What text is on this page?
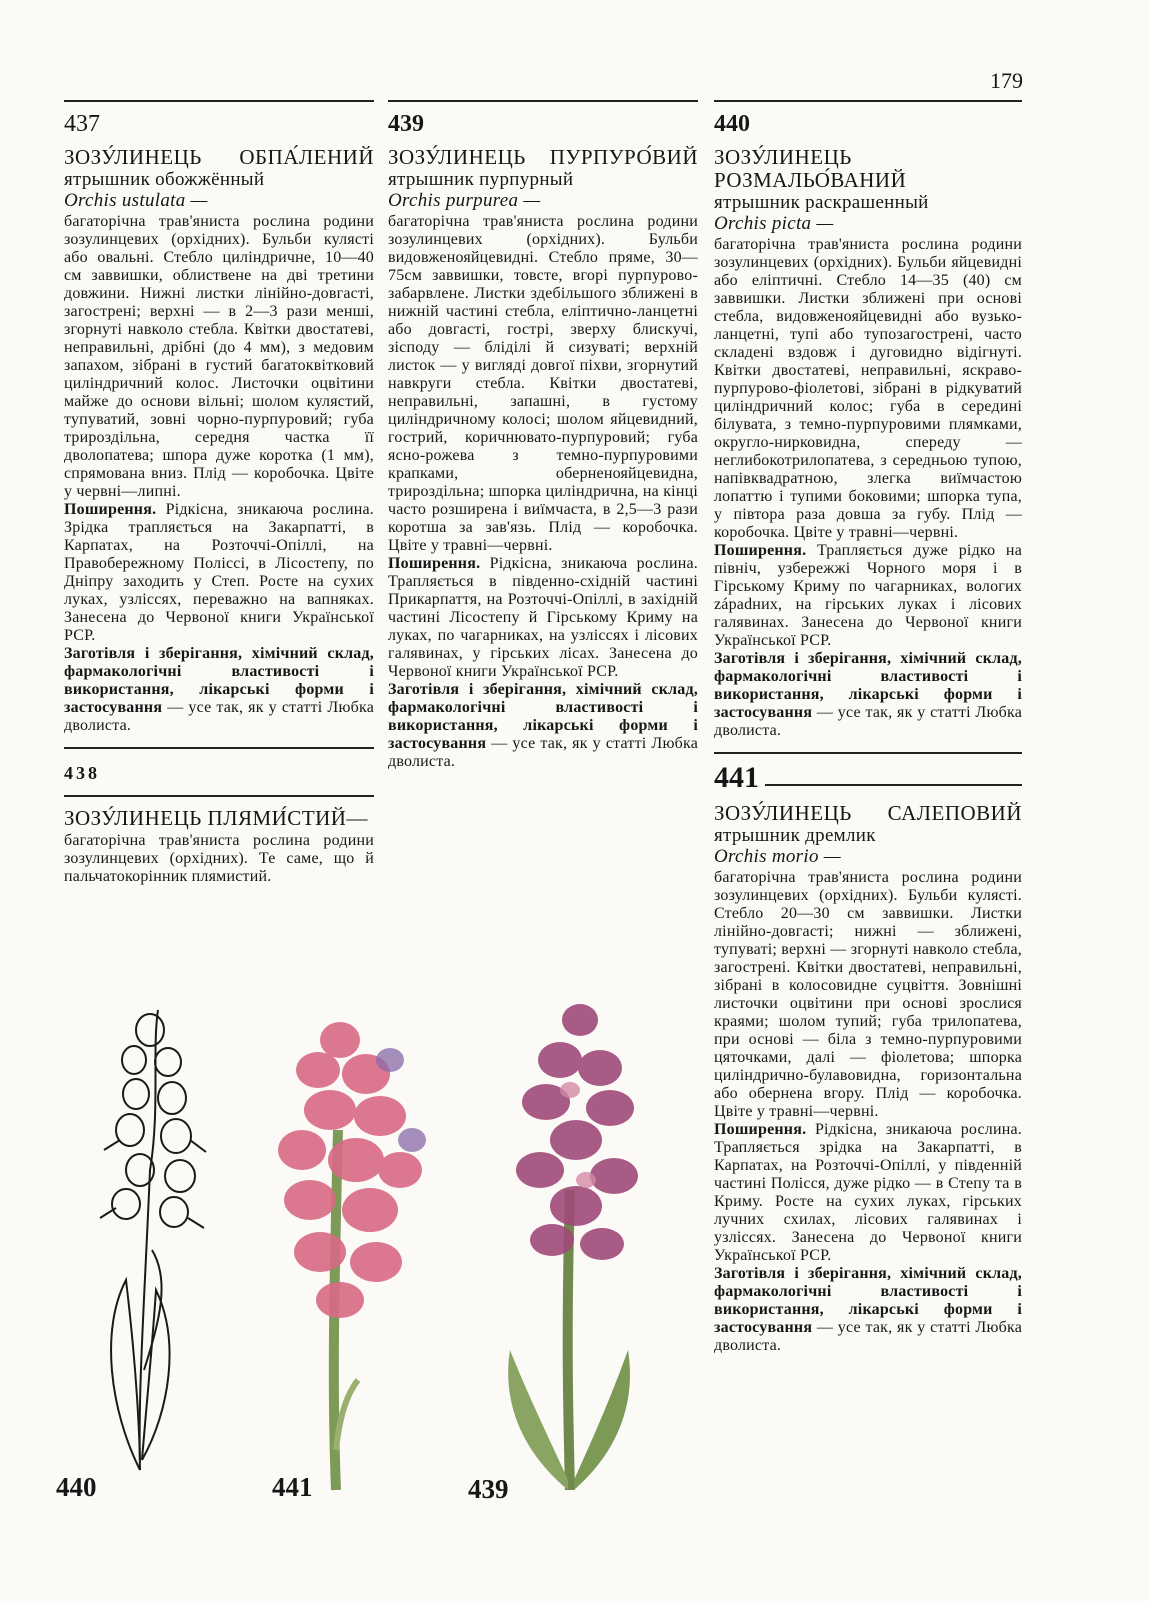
179
437
ЗОЗУ́ЛИНЕЦЬ ОБПА́ЛЕНИЙ
ятрышник обожжённый
Orchis ustulata —
багаторічна трав'яниста рослина родини зозулинцевих (орхідних). Бульби кулясті або овальні. Стебло циліндричне, 10—40 см заввишки, облиствене на дві третини довжини. Нижні листки лінійно-довгасті, загострені; верхні — в 2—3 рази менші, згорнуті навколо стебла. Квітки двостатеві, неправильні, дрібні (до 4 мм), з медовим запахом, зібрані в густий багатоквітковий циліндричний колос. Листочки оцвітини майже до основи вільні; шолом кулястий, тупуватий, зовні чорно-пурпуровий; губа трироздільна, середня частка її дволопатева; шпора дуже коротка (1 мм), спрямована вниз. Плід — коробочка. Цвіте у червні—липні.
Поширення. Рідкісна, зникаюча рослина. Зрідка трапляється на Закарпатті, в Карпатах, на Розточчі-Опіллі, на Правобережному Поліссі, в Лісостепу, по Дніпру заходить у Степ. Росте на сухих луках, узліссях, переважно на вапняках. Занесена до Червоної книги Української РСР.
Заготівля і зберігання, хімічний склад, фармакологічні властивості і використання, лікарські форми і застосування — усе так, як у статті Любка дволиста.
438
ЗОЗУ́ЛИНЕЦЬ ПЛЯМИ́СТИЙ—
багаторічна трав'яниста рослина родини зозулинцевих (орхідних). Те саме, що й пальчатокорінник плямистий.
439
ЗОЗУ́ЛИНЕЦЬ ПУРПУРО́ВИЙ
ятрышник пурпурный
Orchis purpurea —
багаторічна трав'яниста рослина родини зозулинцевих (орхідних). Бульби видовженояйцевидні. Стебло пряме, 30—75см заввишки, товсте, вгорі пурпурово-забарвлене. Листки здебільшого зближені в нижній частині стебла, еліптично-ланцетні або довгасті, гострі, зверху блискучі, зісподу — бліділі й сизуваті; верхній листок — у вигляді довгої піхви, згорнутий навкруги стебла. Квітки двостатеві, неправильні, запашні, в густому циліндричному колосі; шолом яйцевидний, гострий, коричнювато-пурпуровий; губа ясно-рожева з темно-пурпуровими крапками, оберненояйцевидна, трироздільна; шпорка циліндрична, на кінці часто розширена і виїмчаста, в 2,5—3 рази коротша за зав'язь. Плід — коробочка. Цвіте у травні—червні.
Поширення. Рідкісна, зникаюча рослина. Трапляється в південно-східній частині Прикарпаття, на Розточчі-Опіллі, в західній частині Лісостепу й Гірському Криму на луках, по чагарниках, на узліссях і лісових галявинах, у гірських лісах. Занесена до Червоної книги Української РСР.
Заготівля і зберігання, хімічний склад, фармакологічні властивості і використання, лікарські форми і застосування — усе так, як у статті Любка дволиста.
440
ЗОЗУ́ЛИНЕЦЬ
РОЗМАЛЬО́ВАНИЙ
ятрышник раскрашенный
Orchis picta —
багаторічна трав'яниста рослина родини зозулинцевих (орхідних). Бульби яйцевидні або еліптичні. Стебло 14—35 (40) см заввишки. Листки зближені при основі стебла, видовженояйцевидні або вузько-ланцетні, тупі або тупозагострені, часто складені вздовж і дуговидно відігнуті. Квітки двостатеві, неправильні, яскраво-пурпурово-фіолетові, зібрані в рідкуватий циліндричний колос; губа в середині білувата, з темно-пурпуровими плямками, округло-нирковидна, спереду — неглибокотрилопатева, з середньою тупою, напівквадратною, злегка виїмчастою лопаттю і тупими боковими; шпорка тупа, у півтора раза довша за губу. Плід — коробочка. Цвіте у травні—червні.
Поширення. Трапляється дуже рідко на північ, узбережжі Чорного моря і в Гірському Криму по чагарниках, вологих západних, на гірських луках і лісових галявинах. Занесена до Червоної книги Української РСР.
Заготівля і зберігання, хімічний склад, фармакологічні властивості і використання, лікарські форми і застосування — усе так, як у статті Любка дволиста.
441
ЗОЗУ́ЛИНЕЦЬ САЛЕПОВИЙ
ятрышник дремлик
Orchis morio —
багаторічна трав'яниста рослина родини зозулинцевих (орхідних). Бульби кулясті. Стебло 20—30 см заввишки. Листки лінійно-довгасті; нижні — зближені, тупуваті; верхні — згорнуті навколо стебла, загострені. Квітки двостатеві, неправильні, зібрані в колосовидне суцвіття. Зовнішні листочки оцвітини при основі зрослися краями; шолом тупий; губа трилопатева, при основі — біла з темно-пурпуровими цяточками, далі — фіолетова; шпорка циліндрично-булавовидна, горизонтальна або обернена вгору. Плід — коробочка. Цвіте у травні—червні.
Поширення. Рідкісна, зникаюча рослина. Трапляється зрідка на Закарпатті, в Карпатах, на Розточчі-Опіллі, у південній частині Полісся, дуже рідко — в Степу та в Криму. Росте на сухих луках, гірських лучних схилах, лісових галявинах і узліссях. Занесена до Червоної книги Української РСР.
Заготівля і зберігання, хімічний склад, фармакологічні властивості і використання, лікарські форми і застосування — усе так, як у статті Любка дволиста.
440	441	439
